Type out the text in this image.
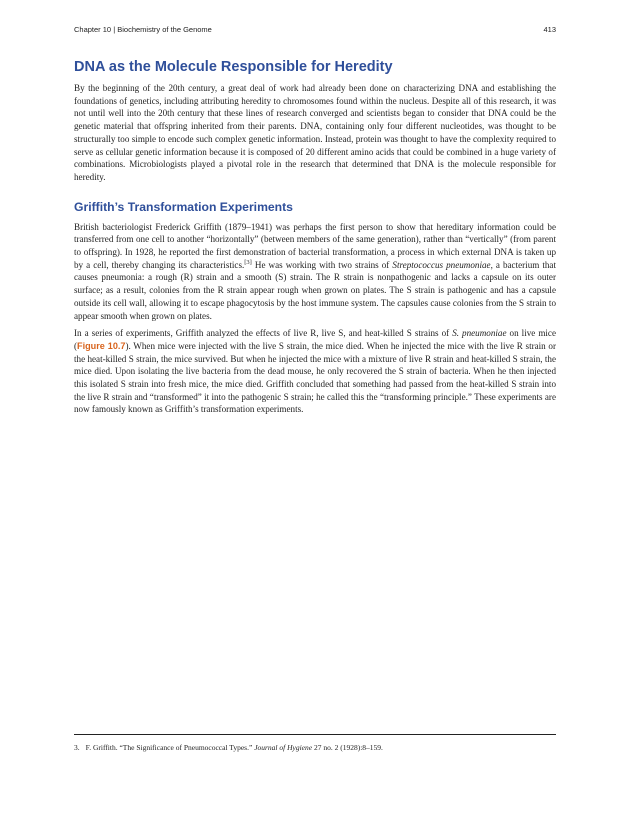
Chapter 10 | Biochemistry of the Genome	413
DNA as the Molecule Responsible for Heredity

By the beginning of the 20th century, a great deal of work had already been done on characterizing DNA and establishing the foundations of genetics, including attributing heredity to chromosomes found within the nucleus. Despite all of this research, it was not until well into the 20th century that these lines of research converged and scientists began to consider that DNA could be the genetic material that offspring inherited from their parents. DNA, containing only four different nucleotides, was thought to be structurally too simple to encode such complex genetic information. Instead, protein was thought to have the complexity required to serve as cellular genetic information because it is composed of 20 different amino acids that could be combined in a huge variety of combinations. Microbiologists played a pivotal role in the research that determined that DNA is the molecule responsible for heredity.

Griffith’s Transformation Experiments

British bacteriologist Frederick Griffith (1879–1941) was perhaps the first person to show that hereditary information could be transferred from one cell to another “horizontally” (between members of the same generation), rather than “vertically” (from parent to offspring). In 1928, he reported the first demonstration of bacterial transformation, a process in which external DNA is taken up by a cell, thereby changing its characteristics.[3] He was working with two strains of Streptococcus pneumoniae, a bacterium that causes pneumonia: a rough (R) strain and a smooth (S) strain. The R strain is nonpathogenic and lacks a capsule on its outer surface; as a result, colonies from the R strain appear rough when grown on plates. The S strain is pathogenic and has a capsule outside its cell wall, allowing it to escape phagocytosis by the host immune system. The capsules cause colonies from the S strain to appear smooth when grown on plates.

In a series of experiments, Griffith analyzed the effects of live R, live S, and heat-killed S strains of S. pneumoniae on live mice (Figure 10.7). When mice were injected with the live S strain, the mice died. When he injected the mice with the live R strain or the heat-killed S strain, the mice survived. But when he injected the mice with a mixture of live R strain and heat-killed S strain, the mice died. Upon isolating the live bacteria from the dead mouse, he only recovered the S strain of bacteria. When he then injected this isolated S strain into fresh mice, the mice died. Griffith concluded that something had passed from the heat-killed S strain into the live R strain and “transformed” it into the pathogenic S strain; he called this the “transforming principle.” These experiments are now famously known as Griffith’s transformation experiments.

3. F. Griffith. “The Significance of Pneumococcal Types.” Journal of Hygiene 27 no. 2 (1928):8–159.
